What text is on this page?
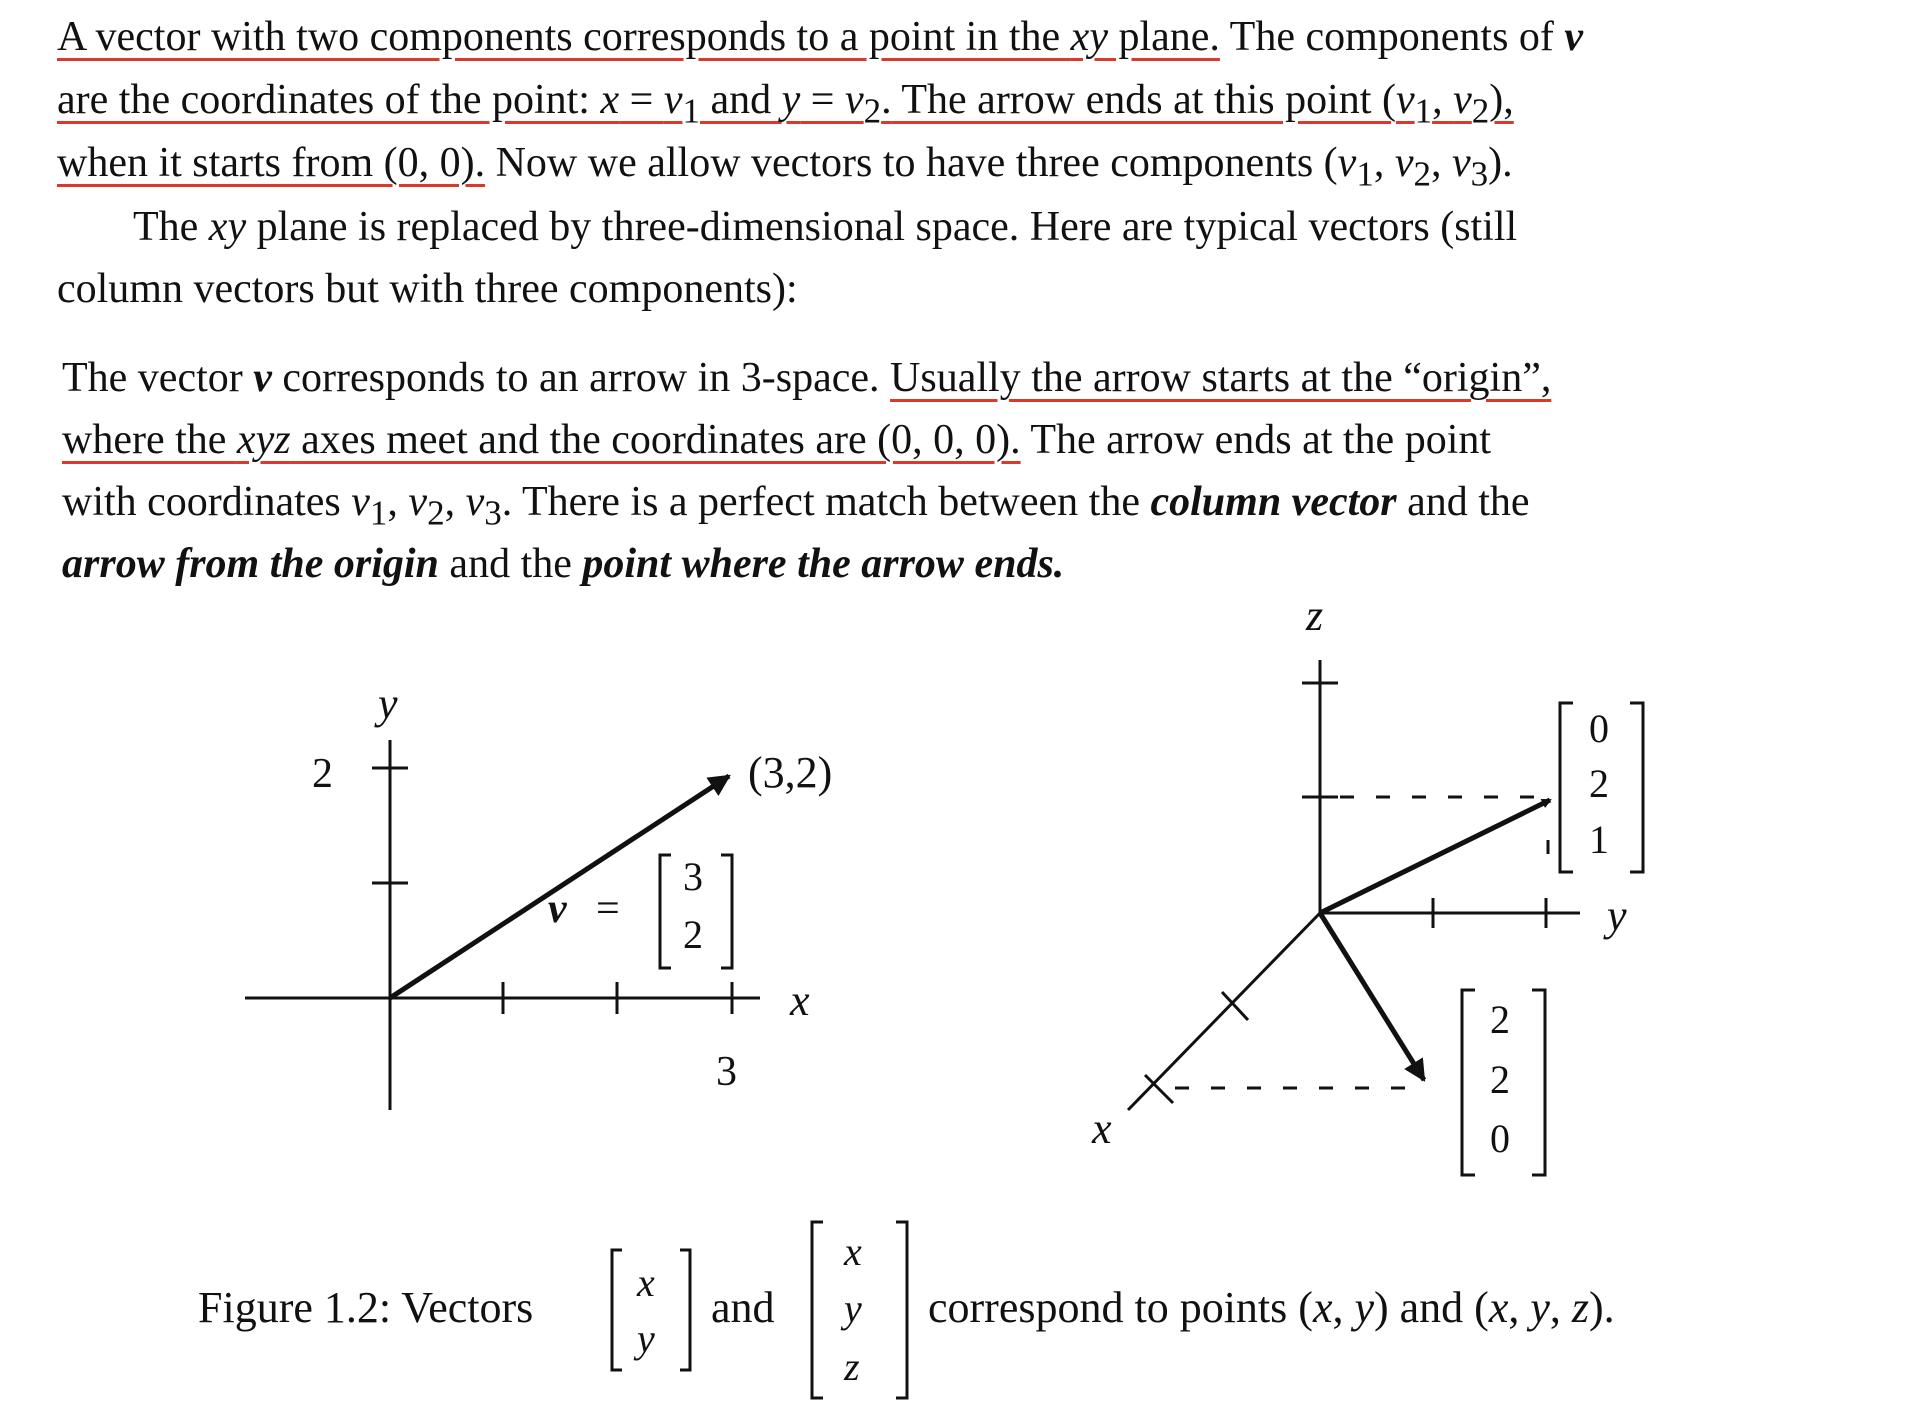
A vector with two components corresponds to a point in the xy plane. The components of v
are the coordinates of the point: $x = v_1$ and $y = v_2$. The arrow ends at this point ($v_1$, $v_2$),
when it starts from (0, 0). Now we allow vectors to have three components ($v_1$, $v_2$, $v_3$).
The xy plane is replaced by three-dimensional space. Here are typical vectors (still
column vectors but with three components):
The vector v corresponds to an arrow in 3-space. Usually the arrow starts at the “origin”,
where the xyz axes meet and the coordinates are (0, 0, 0). The arrow ends at the point
with coordinates $v_1$, $v_2$, $v_3$. There is a perfect match between the column vector and the
arrow from the origin and the point where the arrow ends.
y
2
x
3
(3,2)
v =
3
2
z
y
x
0
2
1
2
2
0
Figure 1.2: Vectors
x
y
and
x
y
z
correspond to points (x, y) and (x, y, z).
